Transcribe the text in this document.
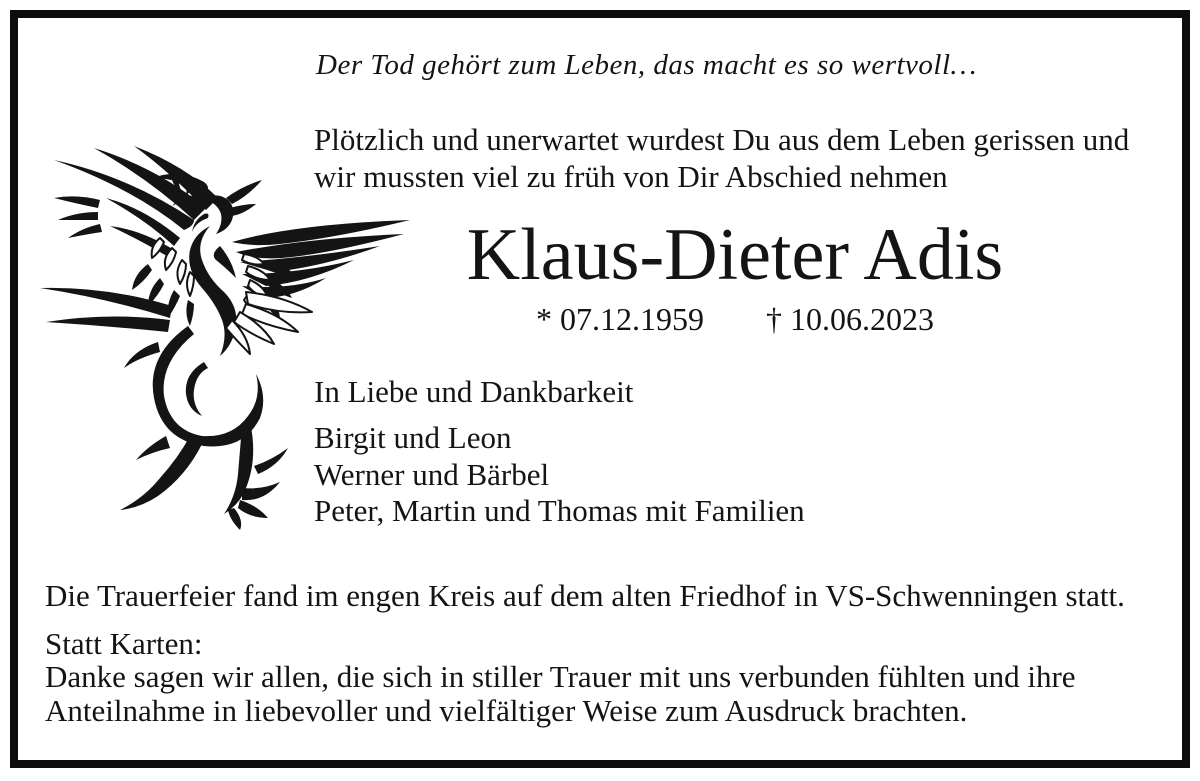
Der Tod gehört zum Leben, das macht es so wertvoll…
Plötzlich und unerwartet wurdest Du aus dem Leben gerissen und
wir mussten viel zu früh von Dir Abschied nehmen
Klaus-Dieter Adis
* 07.12.1959 † 10.06.2023
In Liebe und Dankbarkeit
Birgit und Leon
Werner und Bärbel
Peter, Martin und Thomas mit Familien
Die Trauerfeier fand im engen Kreis auf dem alten Friedhof in VS-Schwenningen statt.
Statt Karten:
Danke sagen wir allen, die sich in stiller Trauer mit uns verbunden fühlten und ihre
Anteilnahme in liebevoller und vielfältiger Weise zum Ausdruck brachten.
